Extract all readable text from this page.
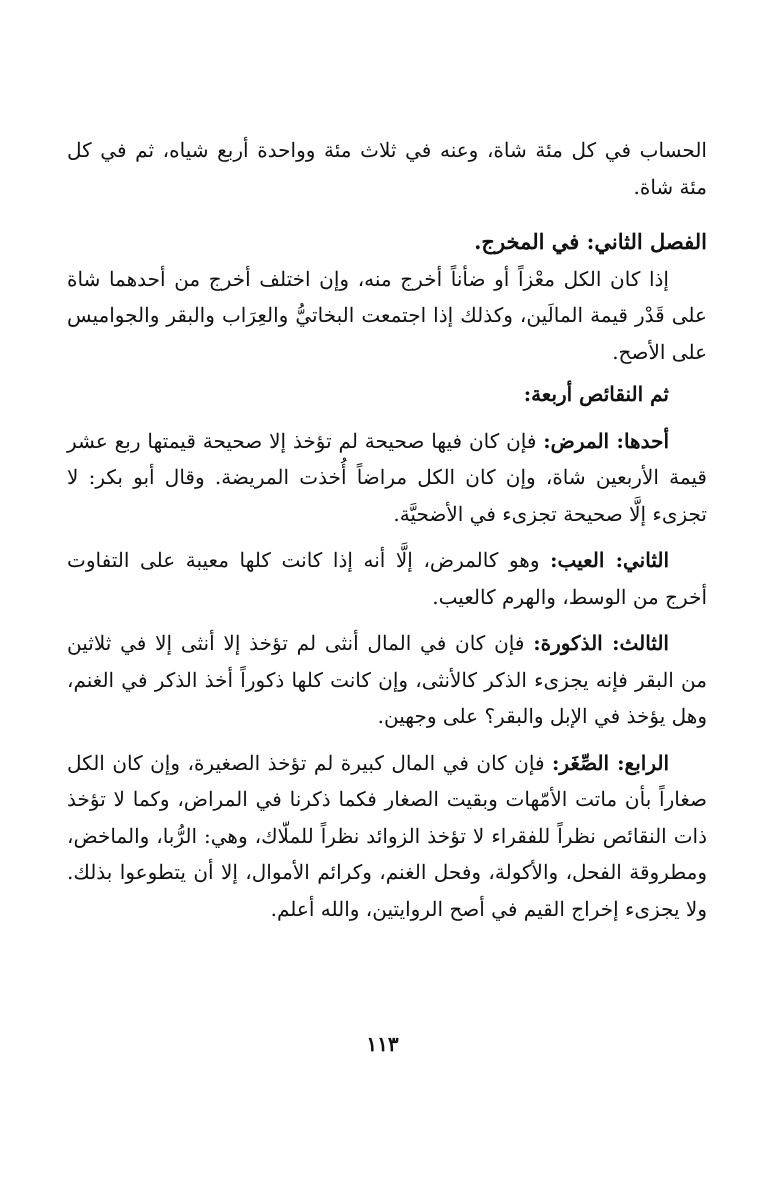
الحساب في كل مئة شاة، وعنه في ثلاث مئة وواحدة أربع شياه، ثم في كل مئة شاة.

الفصل الثاني: في المخرج.

إذا كان الكل معْزاً أو ضأناً أخرج منه، وإن اختلف أخرج من أحدهما شاة على قَدْر قيمة المالَين، وكذلك إذا اجتمعت البخاتيُّ والعِرَاب والبقر والجواميس على الأصح.

ثم النقائص أربعة:

أحدها: المرض: فإن كان فيها صحيحة لم تؤخذ إلا صحيحة قيمتها ربع عشر قيمة الأربعين شاة، وإن كان الكل مراضاً أُخذت المريضة. وقال أبو بكر: لا تجزىء إلَّا صحيحة تجزىء في الأضحيَّة.

الثاني: العيب: وهو كالمرض، إلَّا أنه إذا كانت كلها معيبة على التفاوت أخرج من الوسط، والهرم كالعيب.

الثالث: الذكورة: فإن كان في المال أنثى لم تؤخذ إلا أنثى إلا في ثلاثين من البقر فإنه يجزىء الذكر كالأنثى، وإن كانت كلها ذكوراً أخذ الذكر في الغنم، وهل يؤخذ في الإبل والبقر؟ على وجهين.

الرابع: الصِّغَر: فإن كان في المال كبيرة لم تؤخذ الصغيرة، وإن كان الكل صغاراً بأن ماتت الأمّهات وبقيت الصغار فكما ذكرنا في المراض، وكما لا تؤخذ ذات النقائص نظراً للفقراء لا تؤخذ الزوائد نظراً للملّاك، وهي: الرُّبا، والماخض، ومطروقة الفحل، والأكولة، وفحل الغنم، وكرائم الأموال، إلا أن يتطوعوا بذلك. ولا يجزىء إخراج القيم في أصح الروايتين، والله أعلم.

١١٣
